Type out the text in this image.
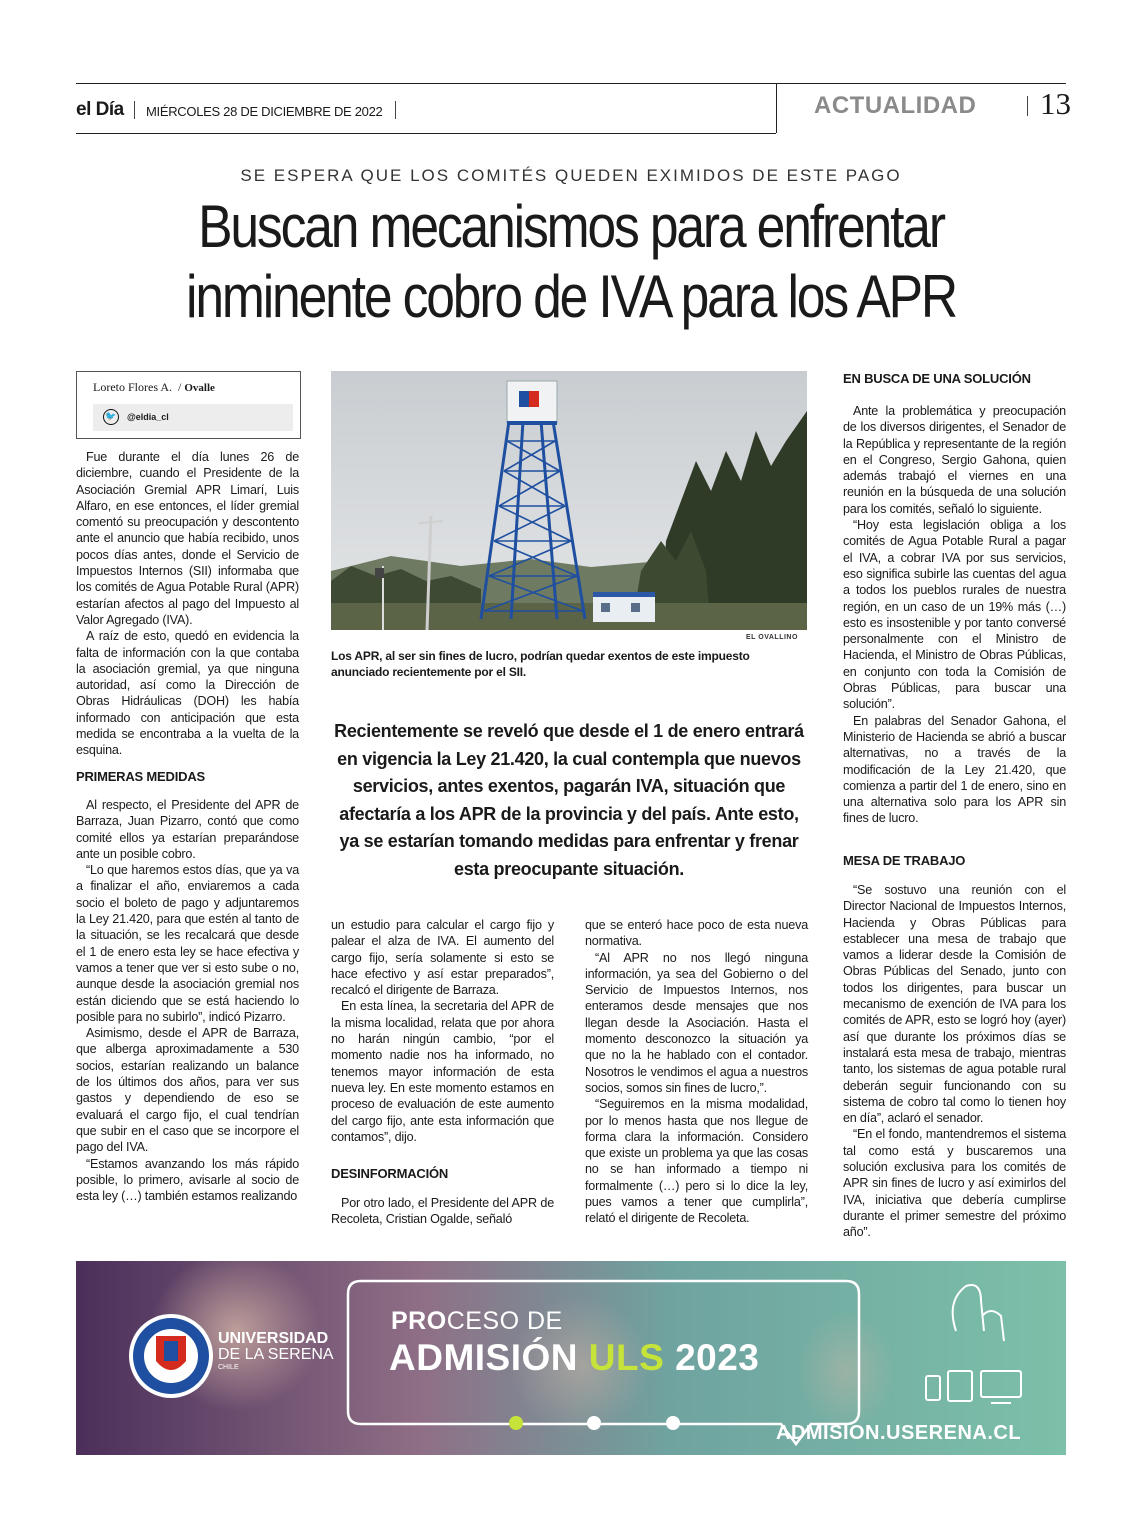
el Día MIÉRCOLES 28 DE DICIEMBRE DE 2022	ACTUALIDAD 13
SE ESPERA QUE LOS COMITÉS QUEDEN EXIMIDOS DE ESTE PAGO
Buscan mecanismos para enfrentar
inminente cobro de IVA para los APR
Loreto Flores A.  / Ovalle
🐦 @eldia_cl

Fue durante el día lunes 26 de diciembre, cuando el Presidente de la Asociación Gremial APR Limarí, Luis Alfaro, en ese entonces, el líder gremial comentó su preocupación y descontento ante el anuncio que había recibido, unos pocos días antes, donde el Servicio de Impuestos Internos (SII) informaba que los comités de Agua Potable Rural (APR) estarían afectos al pago del Impuesto al Valor Agregado (IVA).

A raíz de esto, quedó en evidencia la falta de información con la que contaba la asociación gremial, ya que ninguna autoridad, así como la Dirección de Obras Hidráulicas (DOH) les había informado con anticipación que esta medida se encontraba a la vuelta de la esquina.

PRIMERAS MEDIDAS

Al respecto, el Presidente del APR de Barraza, Juan Pizarro, contó que como comité ellos ya estarían preparándose ante un posible cobro.

“Lo que haremos estos días, que ya va a finalizar el año, enviaremos a cada socio el boleto de pago y adjuntaremos la Ley 21.420, para que estén al tanto de la situación, se les recalcará que desde el 1 de enero esta ley se hace efectiva y vamos a tener que ver si esto sube o no, aunque desde la asociación gremial nos están diciendo que se está haciendo lo posible para no subirlo”, indicó Pizarro.

Asimismo, desde el APR de Barraza, que alberga aproximadamente a 530 socios, estarían realizando un balance de los últimos dos años, para ver sus gastos y dependiendo de eso se evaluará el cargo fijo, el cual tendrían que subir en el caso que se incorpore el pago del IVA.

“Estamos avanzando los más rápido posible, lo primero, avisarle al socio de esta ley (…) también estamos realizando

EL OVALLINO
Los APR, al ser sin fines de lucro, podrían quedar exentos de este impuesto anunciado recientemente por el SII.
Recientemente se reveló que desde el 1 de enero entrará en vigencia la Ley 21.420, la cual contempla que nuevos servicios, antes exentos, pagarán IVA, situación que afectaría a los APR de la provincia y del país. Ante esto, ya se estarían tomando medidas para enfrentar y frenar esta preocupante situación.

un estudio para calcular el cargo fijo y palear el alza de IVA. El aumento del cargo fijo, sería solamente si esto se hace efectivo y así estar preparados”, recalcó el dirigente de Barraza.

En esta línea, la secretaria del APR de la misma localidad, relata que por ahora no harán ningún cambio, “por el momento nadie nos ha informado, no tenemos mayor información de esta nueva ley. En este momento estamos en proceso de evaluación de este aumento del cargo fijo, ante esta información que contamos”, dijo.

DESINFORMACIÓN

Por otro lado, el Presidente del APR de Recoleta, Cristian Ogalde, señaló

que se enteró hace poco de esta nueva normativa.

“Al APR no nos llegó ninguna información, ya sea del Gobierno o del Servicio de Impuestos Internos, nos enteramos desde mensajes que nos llegan desde la Asociación. Hasta el momento desconozco la situación ya que no la he hablado con el contador. Nosotros le vendimos el agua a nuestros socios, somos sin fines de lucro,”.

“Seguiremos en la misma modalidad, por lo menos hasta que nos llegue de forma clara la información. Considero que existe un problema ya que las cosas no se han informado a tiempo ni formalmente (…) pero si lo dice la ley, pues vamos a tener que cumplirla”, relató el dirigente de Recoleta.

EN BUSCA DE UNA SOLUCIÓN

Ante la problemática y preocupación de los diversos dirigentes, el Senador de la República y representante de la región en el Congreso, Sergio Gahona, quien además trabajó el viernes en una reunión en la búsqueda de una solución para los comités, señaló lo siguiente.

“Hoy esta legislación obliga a los comités de Agua Potable Rural a pagar el IVA, a cobrar IVA por sus servicios, eso significa subirle las cuentas del agua a todos los pueblos rurales de nuestra región, en un caso de un 19% más (…) esto es insostenible y por tanto conversé personalmente con el Ministro de Hacienda, el Ministro de Obras Públicas, en conjunto con toda la Comisión de Obras Públicas, para buscar una solución”.

En palabras del Senador Gahona, el Ministerio de Hacienda se abrió a buscar alternativas, no a través de la modificación de la Ley 21.420, que comienza a partir del 1 de enero, sino en una alternativa solo para los APR sin fines de lucro.

MESA DE TRABAJO

“Se sostuvo una reunión con el Director Nacional de Impuestos Internos, Hacienda y Obras Públicas para establecer una mesa de trabajo que vamos a liderar desde la Comisión de Obras Públicas del Senado, junto con todos los dirigentes, para buscar un mecanismo de exención de IVA para los comités de APR, esto se logró hoy (ayer) así que durante los próximos días se instalará esta mesa de trabajo, mientras tanto, los sistemas de agua potable rural deberán seguir funcionando con su sistema de cobro tal como lo tienen hoy en día”, aclaró el senador.

“En el fondo, mantendremos el sistema tal como está y buscaremos una solución exclusiva para los comités de APR sin fines de lucro y así eximirlos del IVA, iniciativa que debería cumplirse durante el primer semestre del próximo año”.

UNIVERSIDAD
DE LA SERENA
CHILE
PROCESO DE
ADMISIÓN ULS 2023
ADMISION.USERENA.CL
